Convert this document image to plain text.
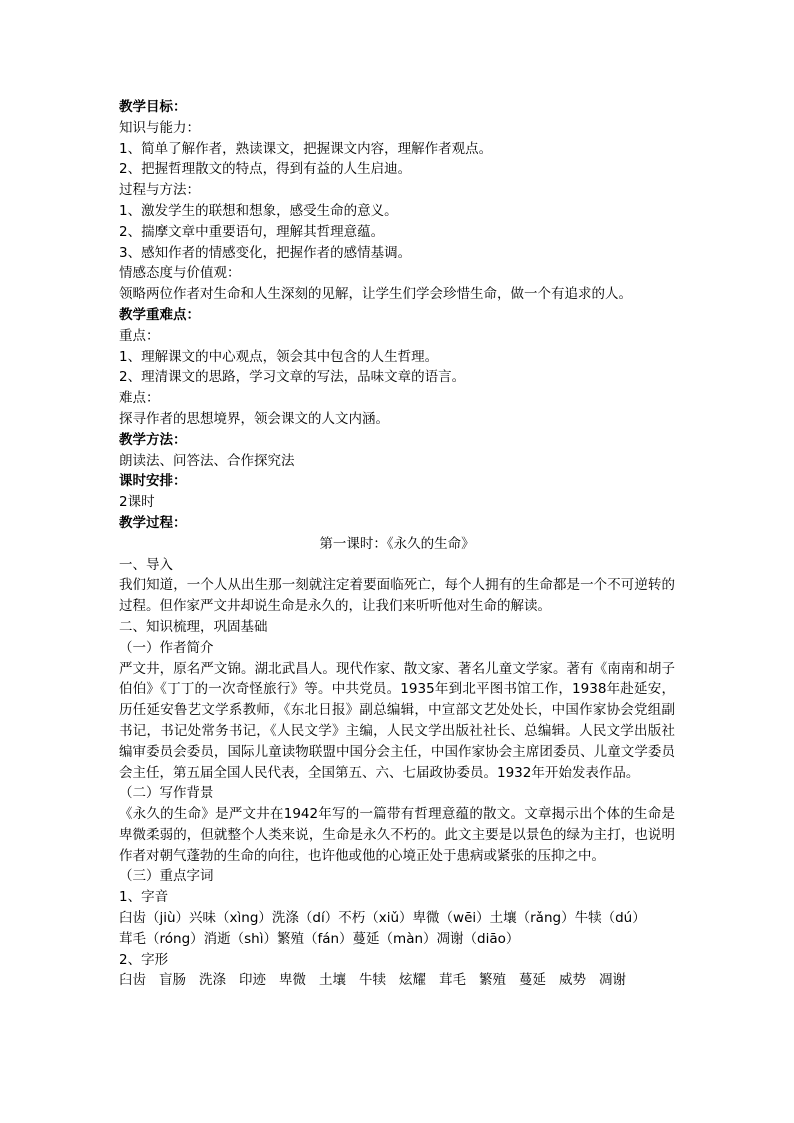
教学目标：
知识与能力：
1、简单了解作者，熟读课文，把握课文内容，理解作者观点。
2、把握哲理散文的特点，得到有益的人生启迪。
过程与方法：
1、激发学生的联想和想象，感受生命的意义。
2、揣摩文章中重要语句，理解其哲理意蕴。
3、感知作者的情感变化，把握作者的感情基调。
情感态度与价值观：
领略两位作者对生命和人生深刻的见解，让学生们学会珍惜生命，做一个有追求的人。
教学重难点：
重点：
1、理解课文的中心观点，领会其中包含的人生哲理。
2、理清课文的思路，学习文章的写法，品味文章的语言。
难点：
探寻作者的思想境界，领会课文的人文内涵。
教学方法：
朗读法、问答法、合作探究法
课时安排：
2课时
教学过程：
第一课时：《永久的生命》
一、导入
我们知道，一个人从出生那一刻就注定着要面临死亡，每个人拥有的生命都是一个不可逆转的过程。但作家严文井却说生命是永久的，让我们来听听他对生命的解读。
二、知识梳理，巩固基础
（一）作者简介
严文井，原名严文锦。湖北武昌人。现代作家、散文家、著名儿童文学家。著有《南南和胡子伯伯》《丁丁的一次奇怪旅行》等。中共党员。1935年到北平图书馆工作，1938年赴延安，历任延安鲁艺文学系教师，《东北日报》副总编辑，中宣部文艺处处长，中国作家协会党组副书记，书记处常务书记，《人民文学》主编，人民文学出版社社长、总编辑。人民文学出版社编审委员会委员，国际儿童读物联盟中国分会主任，中国作家协会主席团委员、儿童文学委员会主任，第五届全国人民代表，全国第五、六、七届政协委员。1932年开始发表作品。
（二）写作背景
《永久的生命》是严文井在1942年写的一篇带有哲理意蕴的散文。文章揭示出个体的生命是卑微柔弱的，但就整个人类来说，生命是永久不朽的。此文主要是以景色的绿为主打，也说明作者对朝气蓬勃的生命的向往，也许他或他的心境正处于患病或紧张的压抑之中。
（三）重点字词
1、字音
臼齿（jiù）兴味（xìng）洗涤（dí）不朽（xiǔ）卑微（wēi）土壤（rǎng）牛犊（dú）
茸毛（róng）消逝（shì）繁殖（fán）蔓延（màn）凋谢（diāo）
2、字形
臼齿 盲肠 洗涤 印迹 卑微 土壤 牛犊 炫耀 茸毛 繁殖 蔓延 威势 凋谢
